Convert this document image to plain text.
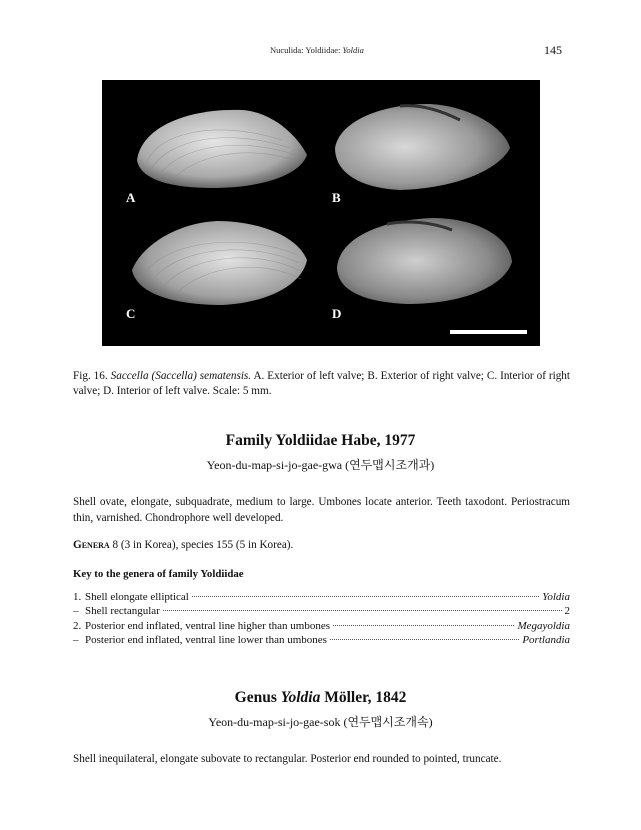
Nuculida: Yoldiidae: Yoldia	145
A	B
C	D
Fig. 16. Saccella (Saccella) sematensis. A. Exterior of left valve; B. Exterior of right valve; C. Interior of right valve; D. Interior of left valve. Scale: 5 mm.
Family Yoldiidae Habe, 1977
Yeon-du-map-si-jo-gae-gwa (연두맵시조개과)
Shell ovate, elongate, subquadrate, medium to large. Umbones locate anterior. Teeth taxodont. Periostracum thin, varnished. Chondrophore well developed.
Genera 8 (3 in Korea), species 155 (5 in Korea).
Key to the genera of family Yoldiidae
1. Shell elongate elliptical	Yoldia
– Shell rectangular	2
2. Posterior end inflated, ventral line higher than umbones	Megayoldia
– Posterior end inflated, ventral line lower than umbones	Portlandia
Genus Yoldia Möller, 1842
Yeon-du-map-si-jo-gae-sok (연두맵시조개속)
Shell inequilateral, elongate subovate to rectangular. Posterior end rounded to pointed, truncate.
